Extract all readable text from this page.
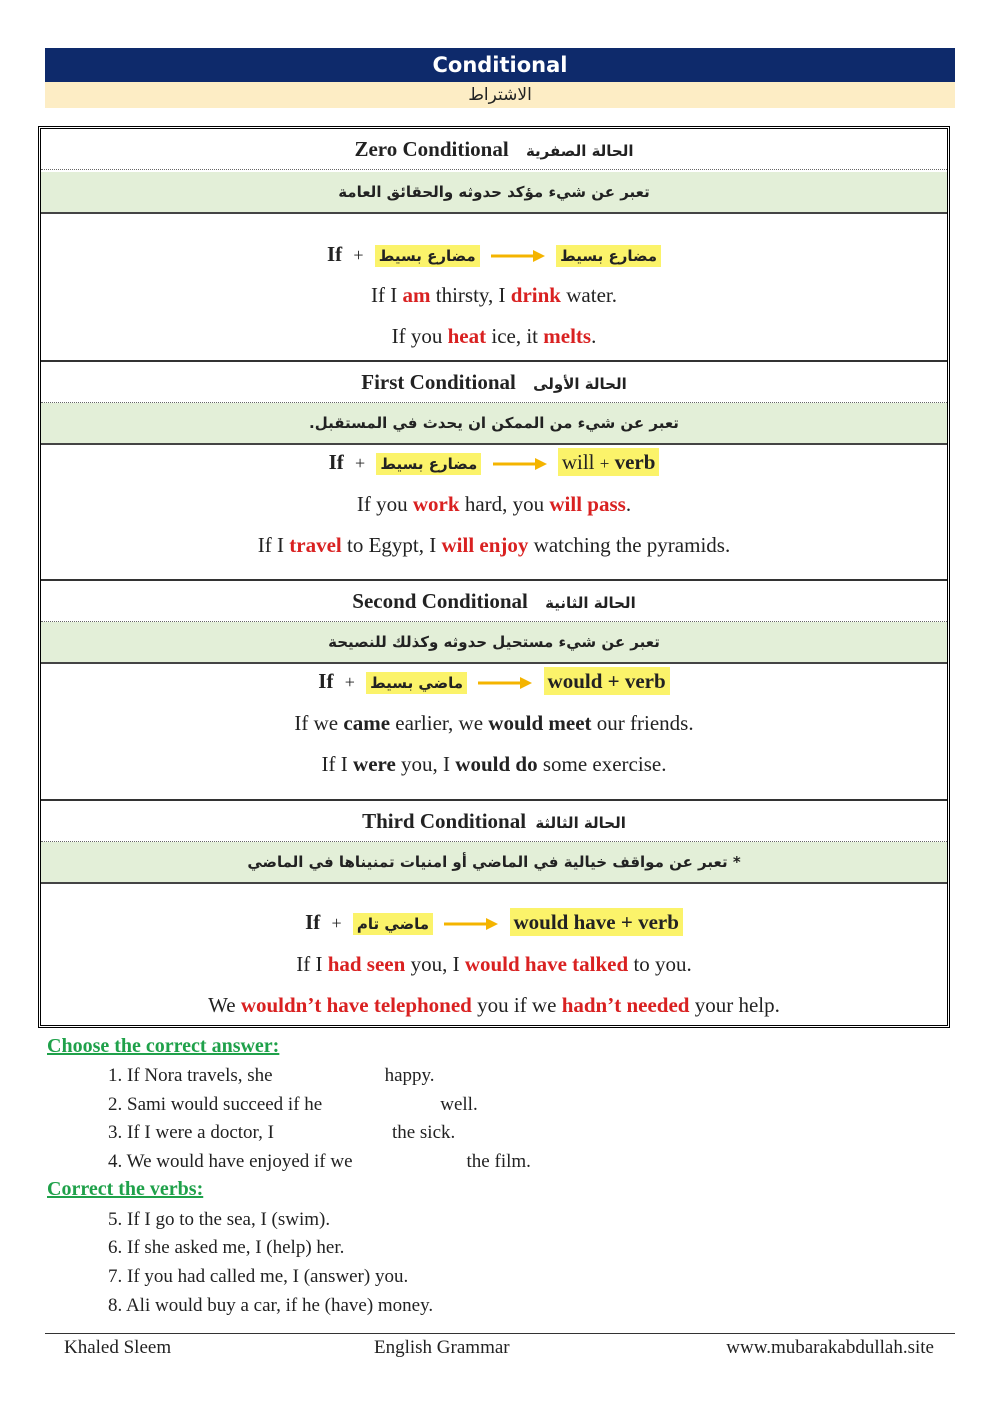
Conditional
الاشتراط
Zero Conditional الحالة الصفرية
تعبر عن شيء مؤكد حدوثه والحقائق العامة
If + مضارع بسيط	مضارع بسيط
If I am thirsty, I drink water.
If you heat ice, it melts.
First Conditional الحالة الأولى
تعبر عن شيء من الممكن ان يحدث في المستقبل.
If + مضارع بسيط	will + verb
If you work hard, you will pass.
If I travel to Egypt, I will enjoy watching the pyramids.
Second Conditional الحالة الثانية
تعبر عن شيء مستحيل حدوثه وكذلك للنصيحة
If + ماضي بسيط	would + verb
If we came earlier, we would meet our friends.
If I were you, I would do some exercise.
Third Conditional الحالة الثالثة
* تعبر عن مواقف خيالية في الماضي أو امنيات تمنيناها في الماضي
If + ماضي تام	would have + verb
If I had seen you, I would have talked to you.
We wouldn’t have telephoned you if we hadn’t needed your help.
Choose the correct answer:
1. If Nora travels, she	happy.
2. Sami would succeed if he	well.
3. If I were a doctor, I	the sick.
4. We would have enjoyed if we	the film.
Correct the verbs:
5. If I go to the sea, I (swim).
6. If she asked me, I (help) her.
7. If you had called me, I (answer) you.
8. Ali would buy a car, if he (have) money.
Khaled Sleem	English Grammar	www.mubarakabdullah.site
